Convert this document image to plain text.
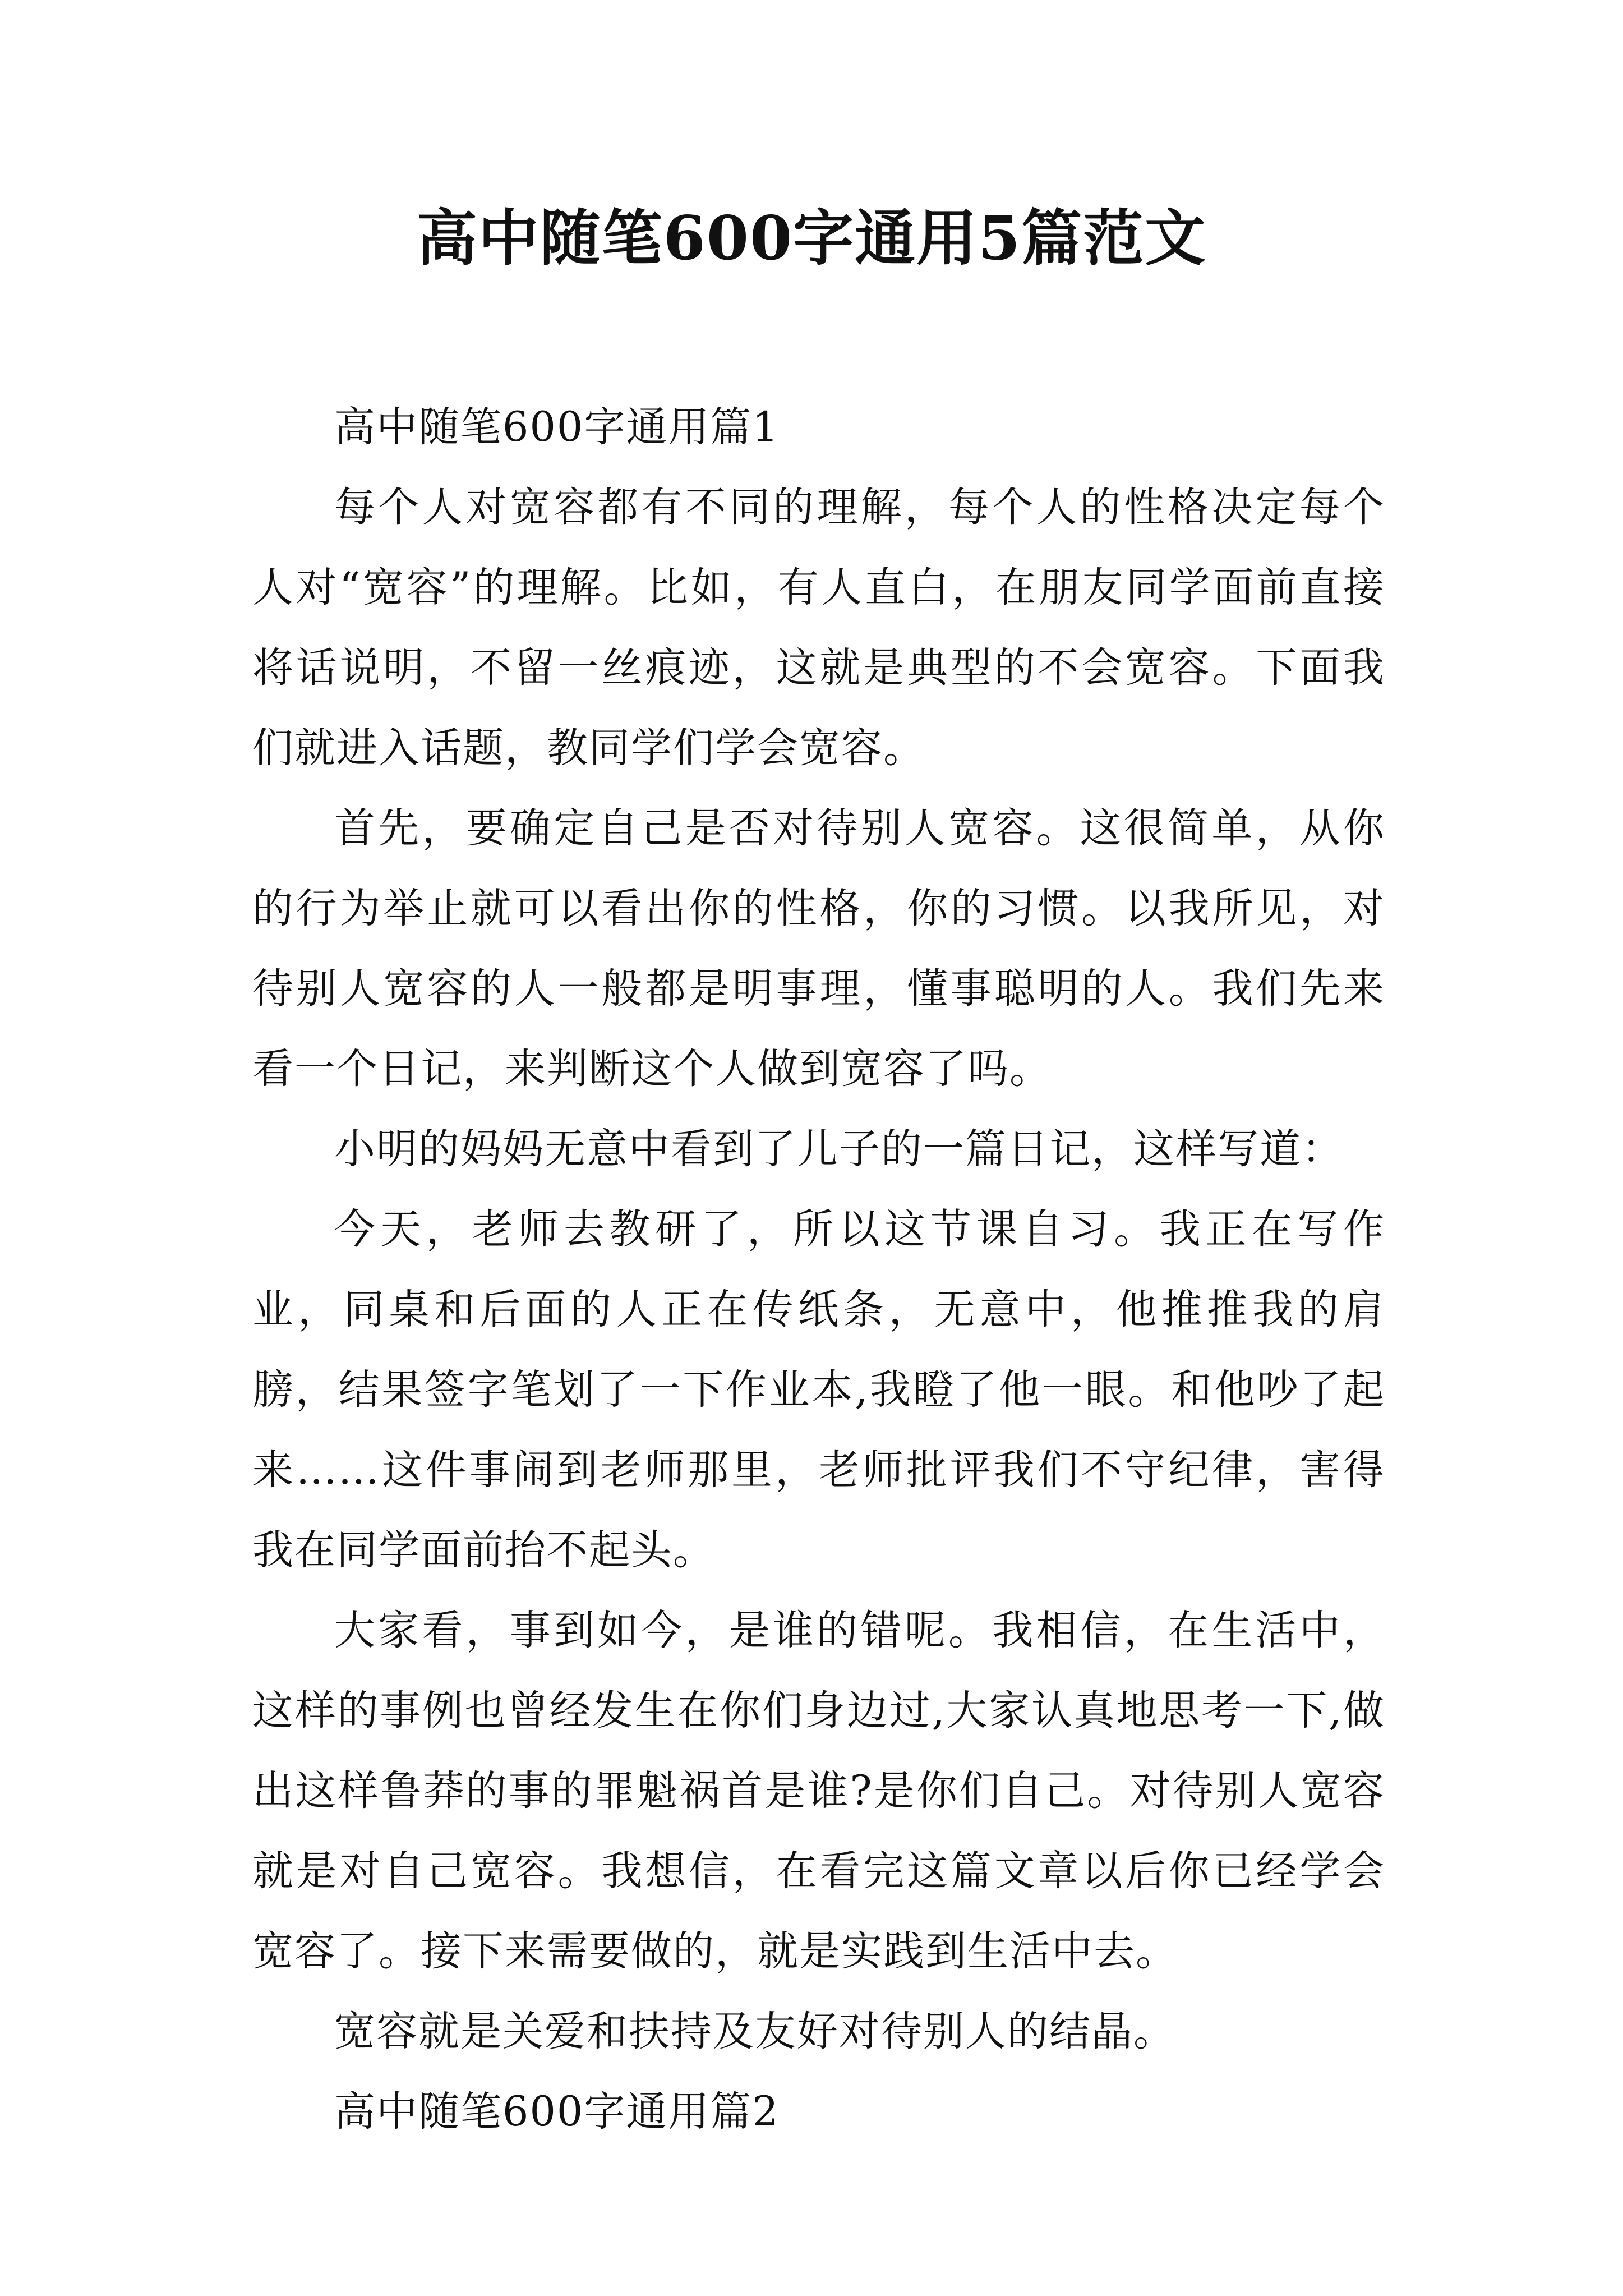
高中随笔600字通用5篇范文

高中随笔600字通用篇1

每个人对宽容都有不同的理解，每个人的性格决定每个人对“宽容”的理解。比如，有人直白，在朋友同学面前直接将话说明，不留一丝痕迹，这就是典型的不会宽容。下面我们就进入话题，教同学们学会宽容。

首先，要确定自己是否对待别人宽容。这很简单，从你的行为举止就可以看出你的性格，你的习惯。以我所见，对待别人宽容的人一般都是明事理，懂事聪明的人。我们先来看一个日记，来判断这个人做到宽容了吗。

小明的妈妈无意中看到了儿子的一篇日记，这样写道：

今天，老师去教研了，所以这节课自习。我正在写作业，同桌和后面的人正在传纸条，无意中，他推推我的肩膀，结果签字笔划了一下作业本,我瞪了他一眼。和他吵了起来……这件事闹到老师那里，老师批评我们不守纪律，害得我在同学面前抬不起头。

大家看，事到如今，是谁的错呢。我相信，在生活中，这样的事例也曾经发生在你们身边过,大家认真地思考一下,做出这样鲁莽的事的罪魁祸首是谁?是你们自己。对待别人宽容就是对自己宽容。我想信，在看完这篇文章以后你已经学会宽容了。接下来需要做的，就是实践到生活中去。

宽容就是关爱和扶持及友好对待别人的结晶。

高中随笔600字通用篇2
